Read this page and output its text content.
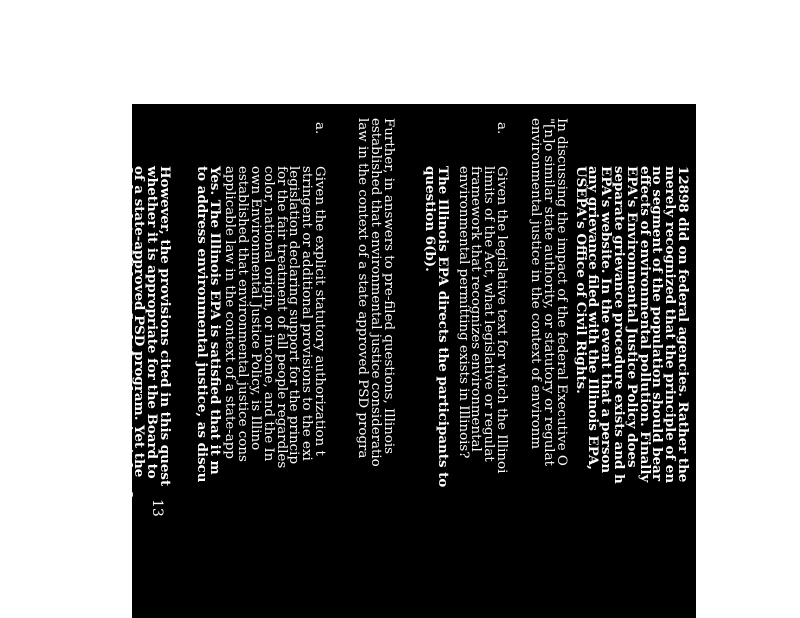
13
12898 did on federal agencies. Rather the
merely recognized that the principle of en
no segment of the population should bear
effects of environmental pollution. Finally
EPA's Environmental Justice Policy does
separate grievance procedure exists and h
EPA's website. In the event that a person
any grievance filed with the Illinois EPA,
USEPA's Office of Civil Rights.
In discussing the impact of the federal Executive O
"[n]o similar state authority, or statutory or regulat
environmental justice in the context of environm
a.
Given the legislative text for which the Illinoi
limits of the Act, what legislative or regulat
framework that recognizes environmental
environmental permitting exists in Illinois?
The Illinois EPA directs the participants to
question 6(b).
Further, in answers to pre-filed questions, Illinois
established that environmental justice consideratio
law in the context of a state approved PSD progra
a.
Given the explicit statutory authorization t
stringent or additional provisions to the exi
legislation declaring support for the princip
for the fair treatment of all people regardles
color, national origin, or income, and the In
own Environmental Justice Policy, is Illino
established that environmental justice cons
applicable law in the context of a state-app
Yes. The Illinois EPA is satisfied that it m
to address environmental justice, as discu
However, the provisions cited in this quest
whether it is appropriate for the Board to
of a state-approved PSD program. Yet the
federal Act did not find that the principle of
no segment of the population should bear
